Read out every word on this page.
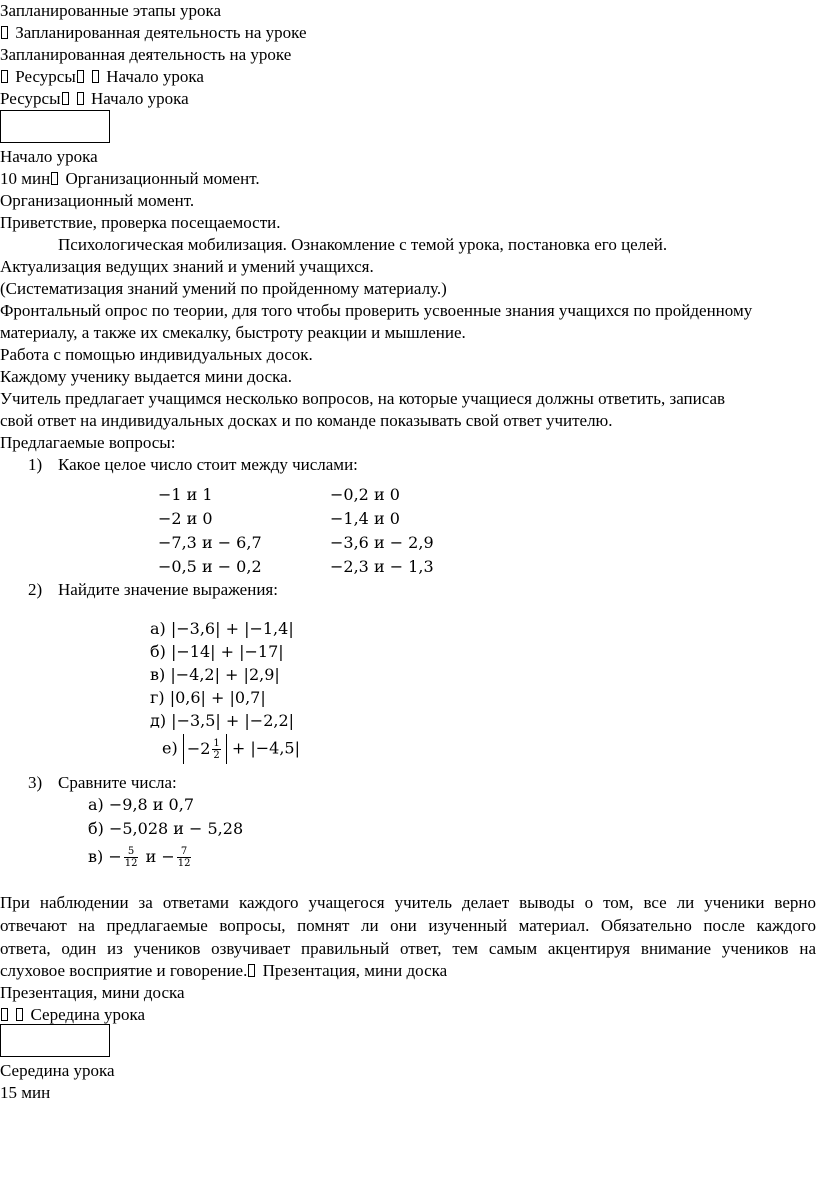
Запланированные этапы урока
Запланированная деятельность на уроке
Запланированная деятельность на уроке
Ресурсы Начало урока
Ресурсы Начало урока
Начало урока
10 мин Организационный момент.
Организационный момент.
Приветствие, проверка посещаемости.
Психологическая мобилизация. Ознакомление с темой урока, постановка его целей.
Актуализация ведущих знаний и умений учащихся.
(Систематизация знаний умений по пройденному материалу.)
Фронтальный опрос по теории, для того чтобы проверить усвоенные знания учащихся по пройденному
материалу, а также их смекалку, быстроту реакции и мышление.
Работа с помощью индивидуальных досок.
Каждому ученику выдается мини доска.
Учитель предлагает учащимся несколько вопросов, на которые учащиеся должны ответить, записав
свой ответ на индивидуальных досках и по команде показывать свой ответ учителю.
Предлагаемые вопросы:
1) Какое целое число стоит между числами:
−1 и 1
−2 и 0
−7,3 и − 6,7
−0,5 и − 0,2
−0,2 и 0
−1,4 и 0
−3,6 и − 2,9
−2,3 и − 1,3
2) Найдите значение выражения:
а) |−3,6| + |−1,4|
б) |−14| + |−17|
в) |−4,2| + |2,9|
г) |0,6| + |0,7|
д) |−3,5| + |−2,2|
$е) -2 \frac{1}{2} + |-4,5|$
3) Сравните числа:
а) −9,8 и 0,7
б) −5,028 и − 5,28
$в) - \frac{5}{12}$ $и - \frac{7}{12}$
При наблюдении за ответами каждого учащегося учитель делает выводы о том, все ли ученики верно
отвечают на предлагаемые вопросы, помнят ли они изученный материал. Обязательно после каждого
ответа, один из учеников озвучивает правильный ответ, тем самым акцентируя внимание учеников на
слуховое восприятие и говорение. Презентация, мини доска
Презентация, мини доска
Середина урока
Середина урока
15 мин
